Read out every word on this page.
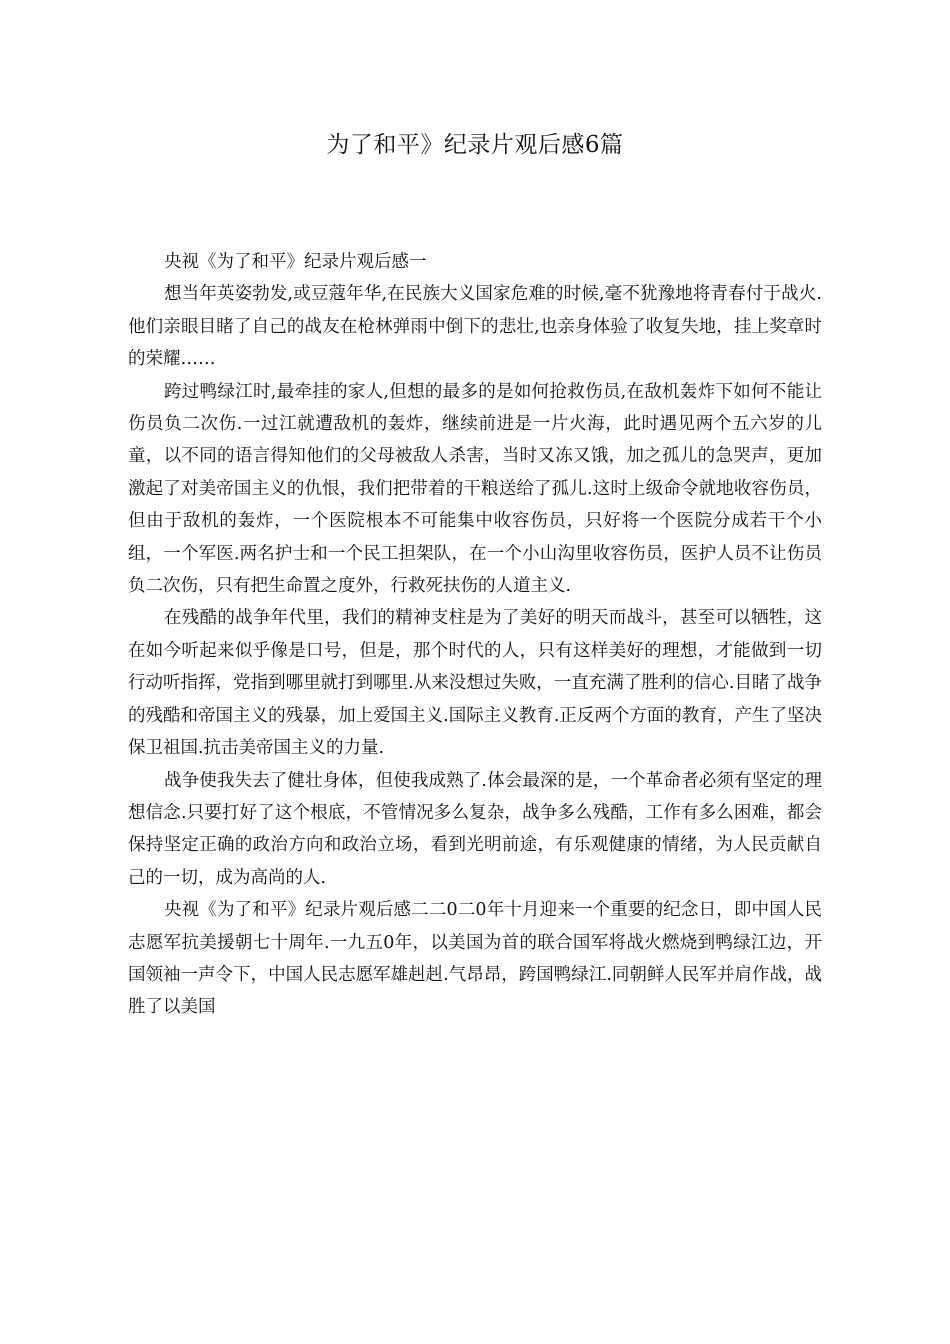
为了和平》纪录片观后感6篇

央视《为了和平》纪录片观后感一

想当年英姿勃发,或豆蔻年华,在民族大义国家危难的时候,毫不犹豫地将青春付于战火.他们亲眼目睹了自己的战友在枪林弹雨中倒下的悲壮,也亲身体验了收复失地，挂上奖章时的荣耀……

跨过鸭绿江时,最牵挂的家人,但想的最多的是如何抢救伤员,在敌机轰炸下如何不能让伤员负二次伤.一过江就遭敌机的轰炸，继续前进是一片火海，此时遇见两个五六岁的儿童，以不同的语言得知他们的父母被敌人杀害，当时又冻又饿，加之孤儿的急哭声，更加激起了对美帝国主义的仇恨，我们把带着的干粮送给了孤儿.这时上级命令就地收容伤员，但由于敌机的轰炸，一个医院根本不可能集中收容伤员，只好将一个医院分成若干个小组，一个军医.两名护士和一个民工担架队，在一个小山沟里收容伤员，医护人员不让伤员负二次伤，只有把生命置之度外，行救死扶伤的人道主义.

在残酷的战争年代里，我们的精神支柱是为了美好的明天而战斗，甚至可以牺牲，这在如今听起来似乎像是口号，但是，那个时代的人，只有这样美好的理想，才能做到一切行动听指挥，党指到哪里就打到哪里.从来没想过失败，一直充满了胜利的信心.目睹了战争的残酷和帝国主义的残暴，加上爱国主义.国际主义教育.正反两个方面的教育，产生了坚决保卫祖国.抗击美帝国主义的力量.

战争使我失去了健壮身体，但使我成熟了.体会最深的是，一个革命者必须有坚定的理想信念.只要打好了这个根底，不管情况多么复杂，战争多么残酷，工作有多么困难，都会保持坚定正确的政治方向和政治立场，看到光明前途，有乐观健康的情绪，为人民贡献自己的一切，成为高尚的人.

央视《为了和平》纪录片观后感二二0二0年十月迎来一个重要的纪念日，即中国人民志愿军抗美援朝七十周年.一九五0年，以美国为首的联合国军将战火燃烧到鸭绿江边，开国领袖一声令下，中国人民志愿军雄赳赳.气昂昂，跨国鸭绿江.同朝鲜人民军并肩作战，战胜了以美国
